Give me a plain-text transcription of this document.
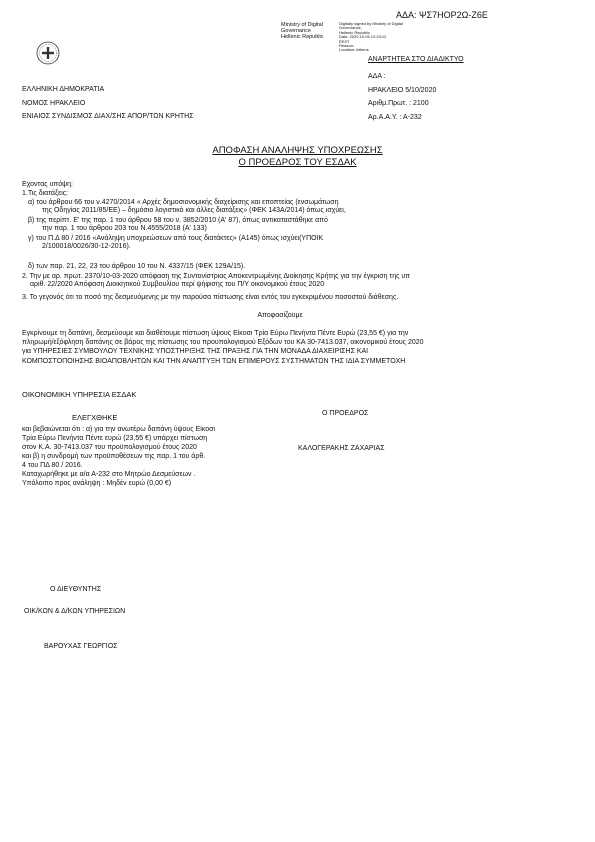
ΑΔΑ: ΨΣ7ΗΟΡ2Ω-Ζ6Ε
Ministry of Digital
Governance
Hellenic Republic
Digitally signed by Ministry of Digital
Governance,
Hellenic Republic
Date: 2020.10.05 12:24:12
EEST
Reason:
Location: Athens
ΑΝΑΡΤΗΤΕΑ ΣΤΟ ΔΙΑΔΙΚΤΥΟ
ΕΛΛΗΝΙΚΗ ΔΗΜΟΚΡΑΤΙΑ
ΝΟΜΟΣ ΗΡΑΚΛΕΙΟ
ΕΝΙΑΙΟΣ ΣΥΝΔΙΣΜΟΣ ΔΙΑΧ/ΣΗΣ ΑΠΟΡ/ΤΩΝ ΚΡΗΤΗΣ
ΑΔΑ :
ΗΡΑΚΛΕΙΟ 5/10/2020
Αριθμ.Πρωτ. : 2100
Αρ.Α.Α.Υ. : Α-232
ΑΠΟΦΑΣΗ ΑΝΑΛΗΨΗΣ ΥΠΟΧΡΕΩΣΗΣ
Ο ΠΡΟΕΔΡΟΣ ΤΟΥ ΕΣΔΑΚ
Εχοντας υπόψη:
1.Τις διατάξεις:
α) του άρθρου 66 του ν.4270/2014 « Αρχές δημοσιονομικής διαχείρισης και εποπτείας (ενσωμάτωση
της Οδηγίας 2011/85/ΕΕ) – δημόσιο λογιστικό και άλλες διατάξεις» (ΦΕΚ 143Α/2014) όπως ισχύει,
β) της περίπτ. Ε' της παρ. 1 του άρθρου 58 του ν. 3852/2010 (Α' 87), όπως αντικαταστάθηκε από
την παρ. 1 του άρθρου 203 του Ν.4555/2018 (Α' 133)
γ) του Π.Δ 80 / 2016 «Ανάληψη υποχρεώσεων από τους διατάκτες» (Α145) όπως ισχύει(ΥΠΟΙΚ
2/100018/0026/30-12-2016).
δ) των παρ. 21, 22, 23 του άρθρου 10 του Ν. 4337/15 (ΦΕΚ 129Α/15).
2. Την με αρ. πρωτ. 2370/10-03-2020 απόφαση της Συντονίστριας Αποκεντρωμένης Διοίκησης Κρήτης για την έγκριση της υπ
αριθ. 22/2020 Απόφαση Διοικητικού Συμβουλίου περί ψήφισης του Π/Υ οικονομικού έτους 2020
3. Το γεγονός ότι το ποσό της δεσμευόμενης με την παρούσα πίστωσης είναι εντός του εγκεκριμένου ποσοστού διάθεσης.
Αποφασίζουμε
Εγκρίνουμε τη δαπάνη, δεσμεύουμε και διαθέτουμε πίστωση ύψους Είκοσι Τρία Εύρω Πενήντα Πέντε Ευρώ (23,55 €) για την
πληρωμή/εξόφληση δαπάνης σε βάρος της πίστωσης του προυπολογισμού Εξόδων του ΚΑ 30-7413.037, οικονομικού έτους 2020
για ΥΠΗΡΕΣΙΕΣ ΣΥΜΒΟΥΛΟΥ ΤΕΧΝΙΚΗΣ ΥΠΟΣΤΗΡΙΞΗΣ ΤΗΣ ΠΡΑΞΗΣ ΓΙΑ ΤΗΝ ΜΟΝΑΔΑ ΔΙΑΧΕΙΡΙΣΗΣ ΚΑΙ
ΚΟΜΠΟΣΤΟΠΟΙΗΣΗΣ ΒΙΟΑΠΟΒΛΗΤΩΝ ΚΑΙ ΤΗΝ ΑΝΑΠΤΥΞΗ ΤΩΝ ΕΠΙΜΕΡΟΥΣ ΣΥΣΤΗΜΑΤΩΝ ΤΗΣ ΙΔΙΑ ΣΥΜΜΕΤΟΧΗ
ΟΙΚΟΝΟΜΙΚΗ ΥΠΗΡΕΣΙΑ ΕΣΔΑΚ
ΕΛΕΓΧΘΗΚΕ
και βεβαιώνεται ότι : α) για την ανωτέρω δαπάνη ύψους Είκοσι
Τρία Εύρω Πενήντα Πέντε ευρώ (23,55 €) υπάρχει πίστωση
στον Κ.Α. 30-7413.037 του προϋπολογισμού έτους 2020
και β) η συνδρομή των προϋποθέσεων της παρ. 1 του άρθ.
4 του ΠΔ 80 / 2016.
Καταχωρήθηκε με α/α Α-232 στο Μητρώο Δεσμεύσεων .
Υπόλοιπο προς ανάληψη : Μηδέν ευρώ (0,00 €)
Ο ΠΡΟΕΔΡΟΣ
ΚΑΛΟΓΕΡΑΚΗΣ ΖΑΧΑΡΙΑΣ
Ο ΔΙΕΥΘΥΝΤΗΣ
ΟΙΚ/ΚΩΝ & Δ/ΚΩΝ ΥΠΗΡΕΣΙΩΝ
ΒΑΡΟΥΧΑΣ ΓΕΩΡΓΙΟΣ
